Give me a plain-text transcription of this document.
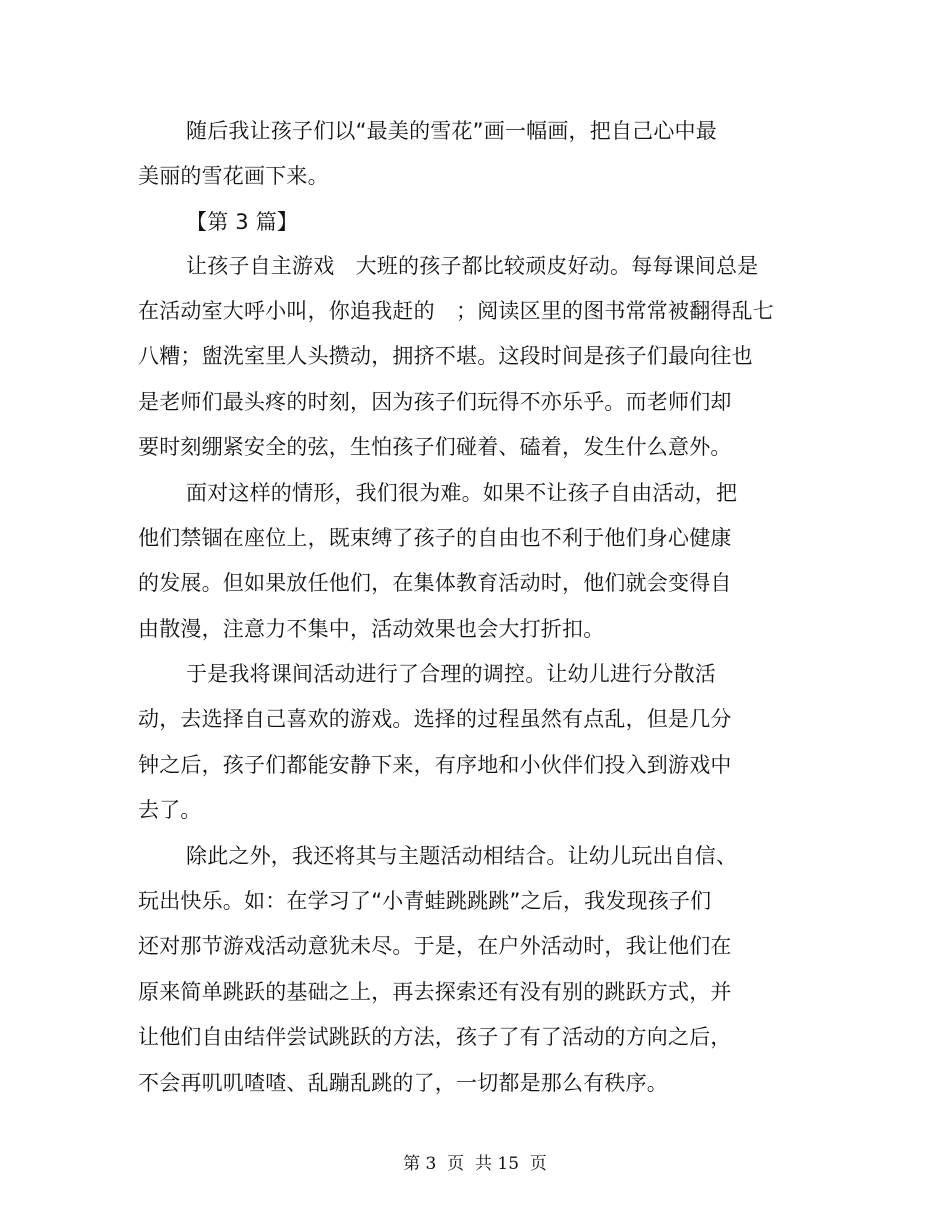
随后我让孩子们以“最美的雪花”画一幅画，把自己心中最
美丽的雪花画下来。
【第 3 篇】
让孩子自主游戏　大班的孩子都比较顽皮好动。每每课间总是
在活动室大呼小叫，你追我赶的　；阅读区里的图书常常被翻得乱七
八糟；盥洗室里人头攒动，拥挤不堪。这段时间是孩子们最向往也
是老师们最头疼的时刻，因为孩子们玩得不亦乐乎。而老师们却
要时刻绷紧安全的弦，生怕孩子们碰着、磕着，发生什么意外。
面对这样的情形，我们很为难。如果不让孩子自由活动，把
他们禁锢在座位上，既束缚了孩子的自由也不利于他们身心健康
的发展。但如果放任他们，在集体教育活动时，他们就会变得自
由散漫，注意力不集中，活动效果也会大打折扣。
于是我将课间活动进行了合理的调控。让幼儿进行分散活
动，去选择自己喜欢的游戏。选择的过程虽然有点乱，但是几分
钟之后，孩子们都能安静下来，有序地和小伙伴们投入到游戏中
去了。
除此之外，我还将其与主题活动相结合。让幼儿玩出自信、
玩出快乐。如：在学习了“小青蛙跳跳跳”之后，我发现孩子们
还对那节游戏活动意犹未尽。于是，在户外活动时，我让他们在
原来简单跳跃的基础之上，再去探索还有没有别的跳跃方式，并
让他们自由结伴尝试跳跃的方法，孩子了有了活动的方向之后，
不会再叽叽喳喳、乱蹦乱跳的了，一切都是那么有秩序。
第 3  页  共 15  页
